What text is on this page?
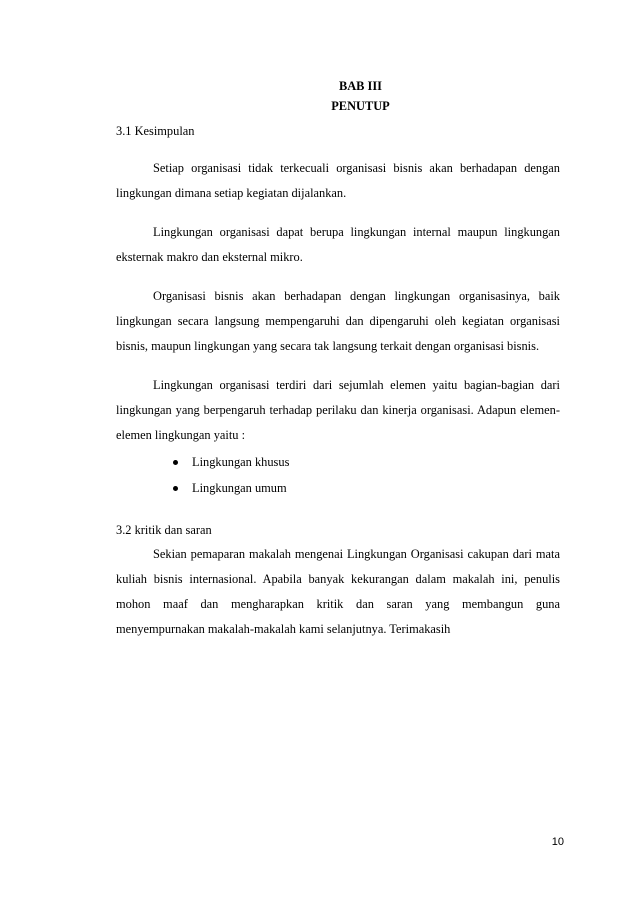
BAB III
PENUTUP
3.1 Kesimpulan

Setiap organisasi tidak terkecuali organisasi bisnis akan berhadapan dengan lingkungan dimana setiap kegiatan dijalankan.

Lingkungan organisasi dapat berupa lingkungan internal maupun lingkungan eksternak makro dan eksternal mikro.

Organisasi bisnis akan berhadapan dengan lingkungan organisasinya, baik lingkungan secara langsung mempengaruhi dan dipengaruhi oleh kegiatan organisasi bisnis, maupun lingkungan yang secara tak langsung terkait dengan organisasi bisnis.

Lingkungan organisasi terdiri dari sejumlah elemen yaitu bagian-bagian dari lingkungan yang berpengaruh terhadap perilaku dan kinerja organisasi. Adapun elemen-elemen lingkungan yaitu :

Lingkungan khusus
Lingkungan umum
3.2 kritik dan saran

Sekian pemaparan makalah mengenai Lingkungan Organisasi cakupan dari mata kuliah bisnis internasional. Apabila banyak kekurangan dalam makalah ini, penulis mohon maaf dan mengharapkan kritik dan saran yang membangun guna menyempurnakan makalah-makalah kami selanjutnya. Terimakasih

10
